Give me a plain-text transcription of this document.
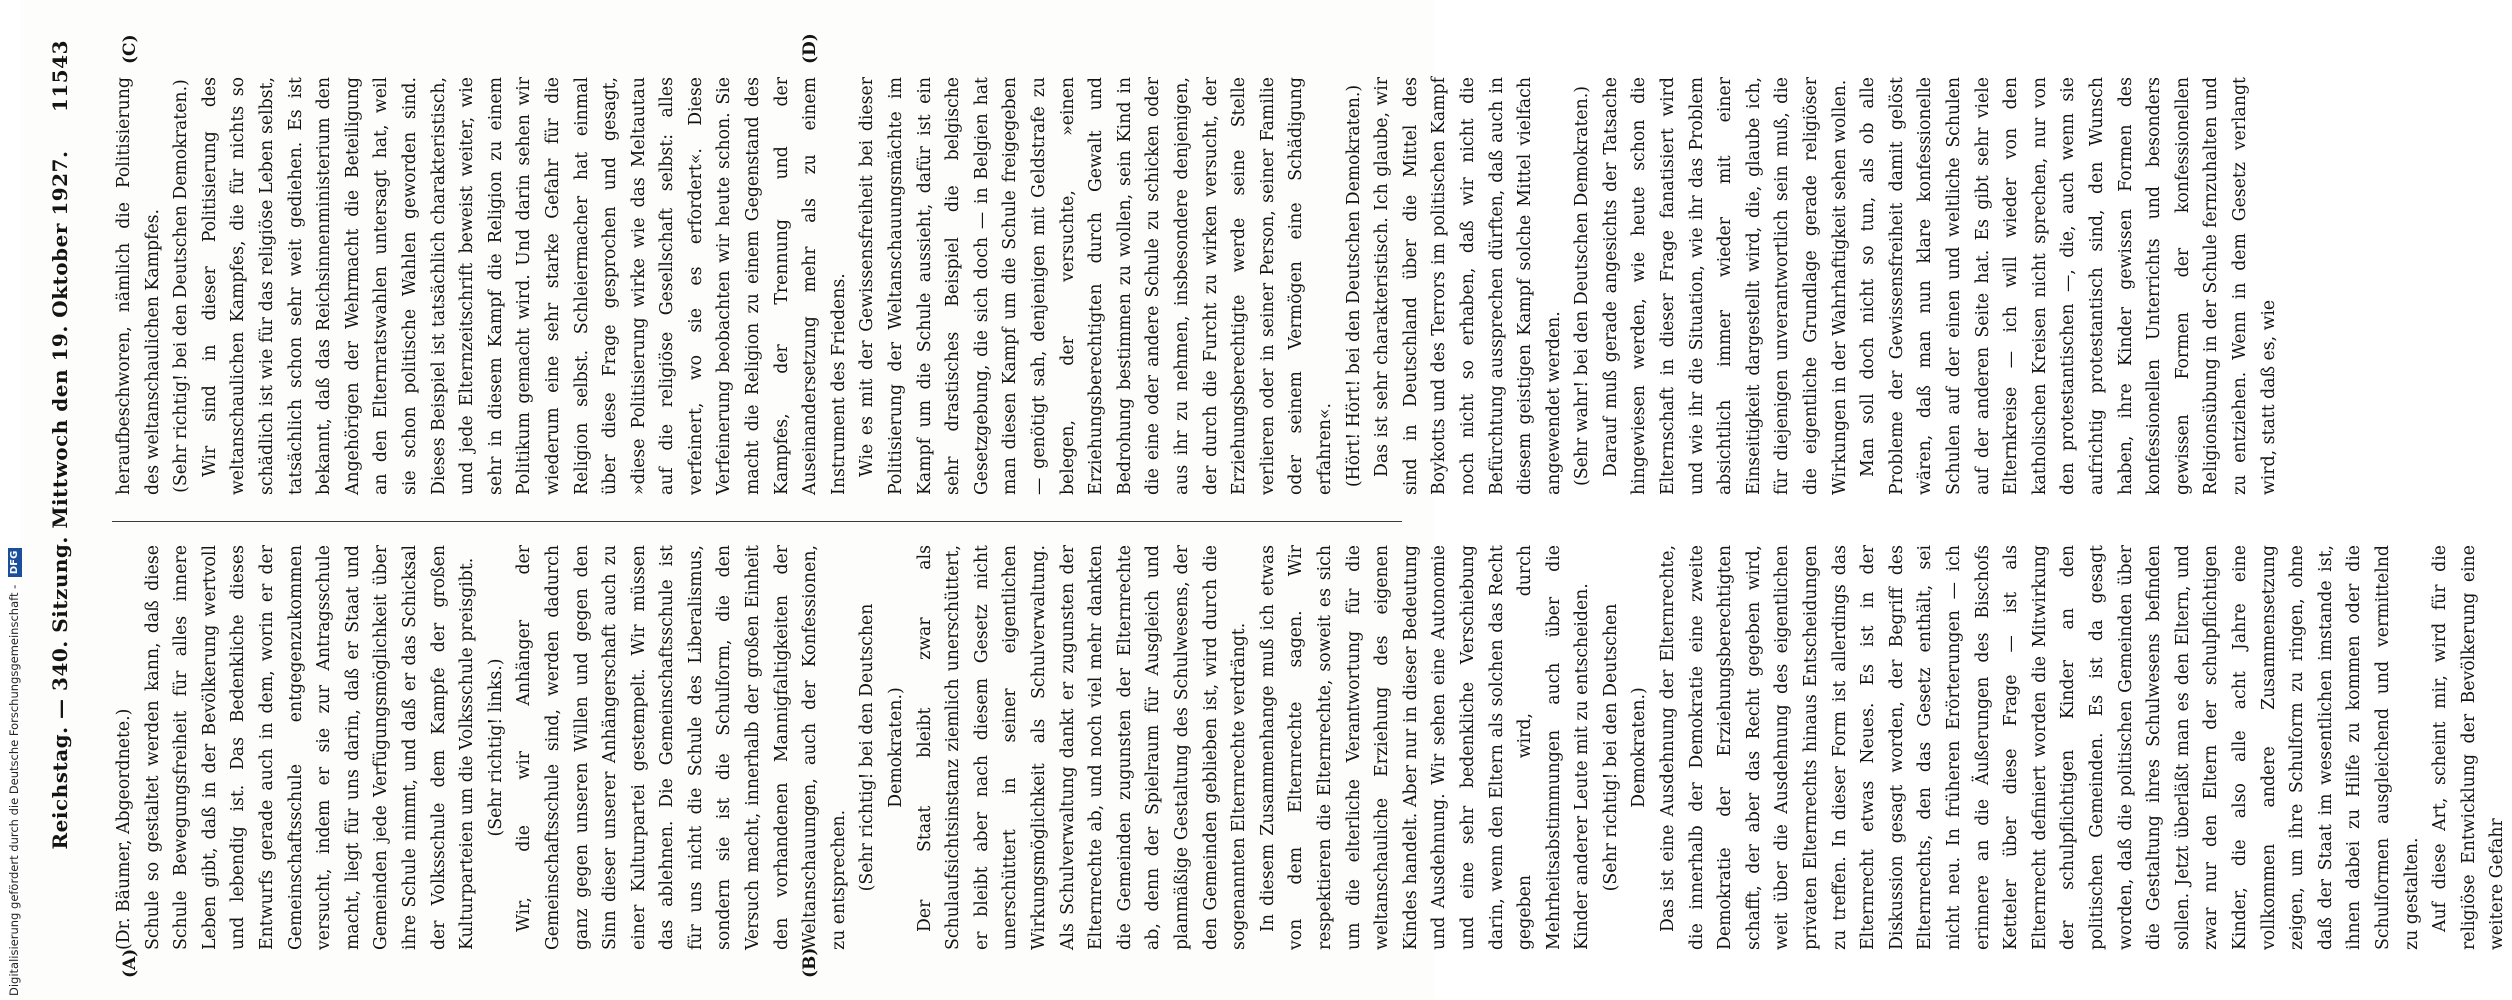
Reichstag. — 340. Sitzung. Mittwoch den 19. Oktober 1927.
11543
(A)	(B)
(C)	(D)

(Dr. Bäumer, Abgeordnete.) Schule so gestaltet werden kann, daß diese Schule Bewegungsfreiheit für alles innere Leben gibt, daß in der Bevölkerung wertvoll und lebendig ist. Das Bedenkliche dieses Entwurfs gerade auch in dem, worin er der Gemeinschaftsschule entgegenzukommen versucht, indem er sie zur Antragsschule macht, liegt für uns darin, daß er Staat und Gemeinden jede Verfügungsmöglichkeit über ihre Schule nimmt, und daß er das Schicksal der Volksschule dem Kampfe der großen Kulturparteien um die Volksschule preisgibt. (Sehr richtig! links.) Wir, die wir Anhänger der Gemeinschaftsschule sind, werden dadurch ganz gegen unseren Willen und gegen den Sinn dieser unserer Anhängerschaft auch zu einer Kulturpartei gestempelt. Wir müssen das ablehnen. Die Gemeinschaftsschule ist für uns nicht die Schule des Liberalismus, sondern sie ist die Schulform, die den Versuch macht, innerhalb der großen Einheit den vorhandenen Mannigfaltigkeiten der Weltanschauungen, auch der Konfessionen, zu entsprechen. (Sehr richtig! bei den Deutschen Demokraten.) Der Staat bleibt zwar als Schulaufsichtsinstanz ziemlich unerschüttert, er bleibt aber nach diesem Gesetz nicht unerschüttert in seiner eigentlichen Wirkungsmöglichkeit als Schulverwaltung. Als Schulverwaltung dankt er zugunsten der Elternrechte ab, und noch viel mehr dankten die Gemeinden zugunsten der Elternrechte ab, denn der Spielraum für Ausgleich und planmäßige Gestaltung des Schulwesens, der den Gemeinden geblieben ist, wird durch die sogenannten Elternrechte verdrängt. In diesem Zusammenhange muß ich etwas von dem Elternrechte sagen. Wir respektieren die Elternrechte, soweit es sich um die elterliche Verantwortung für die weltanschauliche Erziehung des eigenen Kindes handelt. Aber nur in dieser Bedeutung und Ausdehnung. Wir sehen eine Autonomie und eine sehr bedenkliche Verschiebung darin, wenn den Eltern als solchen das Recht gegeben wird, durch Mehrheitsabstimmungen auch über die Kinder anderer Leute mit zu entscheiden. (Sehr richtig! bei den Deutschen Demokraten.) Das ist eine Ausdehnung der Elternrechte, die innerhalb der Demokratie eine zweite Demokratie der Erziehungsberechtigten schafft, der aber das Recht gegeben wird, weit über die Ausdehnung des eigentlichen privaten Elternrechts hinaus Entscheidungen zu treffen. In dieser Form ist allerdings das Elternrecht etwas Neues. Es ist in der Diskussion gesagt worden, der Begriff des Elternrechts, den das Gesetz enthält, sei nicht neu. In früheren Erörterungen — ich erinnere an die Äußerungen des Bischofs Ketteler über diese Frage — ist als Elternrecht definiert worden die Mitwirkung der schulpflichtigen Kinder an den politischen Gemeinden. Es ist da gesagt worden, daß die politischen Gemeinden über die Gestaltung ihres Schulwesens befinden sollen. Jetzt überläßt man es den Eltern, und zwar nur den Eltern der schulpflichtigen Kinder, die also alle acht Jahre eine vollkommen andere Zusammensetzung zeigen, um ihre Schulform zu ringen, ohne daß der Staat im wesentlichen imstande ist, ihnen dabei zu Hilfe zu kommen oder die Schulformen ausgleichend und vermittelnd zu gestalten. Auf diese Art, scheint mir, wird für die religiöse Entwicklung der Bevölkerung eine weitere Gefahr

heraufbeschworen, nämlich die Politisierung des weltanschaulichen Kampfes. (Sehr richtig! bei den Deutschen Demokraten.) Wir sind in dieser Politisierung des weltanschaulichen Kampfes, die für nichts so schädlich ist wie für das religiöse Leben selbst, tatsächlich schon sehr weit gediehen. Es ist bekannt, daß das Reichsinnenministerium den Angehörigen der Wehrmacht die Beteiligung an den Elternratswahlen untersagt hat, weil sie schon politische Wahlen geworden sind. Dieses Beispiel ist tatsächlich charakteristisch, und jede Elternzeitschrift beweist weiter, wie sehr in diesem Kampf die Religion zu einem Politikum gemacht wird. Und darin sehen wir wiederum eine sehr starke Gefahr für die Religion selbst. Schleiermacher hat einmal über diese Frage gesprochen und gesagt, »diese Politisierung wirke wie das Meltautau auf die religiöse Gesellschaft selbst: alles verfeinert, wo sie es erfordert«. Diese Verfeinerung beobachten wir heute schon. Sie macht die Religion zu einem Gegenstand des Kampfes, der Trennung und der Auseinandersetzung mehr als zu einem Instrument des Friedens. Wie es mit der Gewissensfreiheit bei dieser Politisierung der Weltanschauungsmächte im Kampf um die Schule aussieht, dafür ist ein sehr drastisches Beispiel die belgische Gesetzgebung, die sich doch — in Belgien hat man diesen Kampf um die Schule freigegeben — genötigt sah, denjenigen mit Geldstrafe zu belegen, der versuchte, »einen Erziehungsberechtigten durch Gewalt und Bedrohung bestimmen zu wollen, sein Kind in die eine oder andere Schule zu schicken oder aus ihr zu nehmen, insbesondere denjenigen, der durch die Furcht zu wirken versucht, der Erziehungsberechtigte werde seine Stelle verlieren oder in seiner Person, seiner Familie oder seinem Vermögen eine Schädigung erfahren«. (Hört! Hört! bei den Deutschen Demokraten.) Das ist sehr charakteristisch. Ich glaube, wir sind in Deutschland über die Mittel des Boykotts und des Terrors im politischen Kampf noch nicht so erhaben, daß wir nicht die Befürchtung aussprechen dürften, daß auch in diesem geistigen Kampf solche Mittel vielfach angewendet werden. (Sehr wahr! bei den Deutschen Demokraten.) Darauf muß gerade angesichts der Tatsache hingewiesen werden, wie heute schon die Elternschaft in dieser Frage fanatisiert wird und wie ihr die Situation, wie ihr das Problem absichtlich immer wieder mit einer Einseitigkeit dargestellt wird, die, glaube ich, für diejenigen unverantwortlich sein muß, die die eigentliche Grundlage gerade religiöser Wirkungen in der Wahrhaftigkeit sehen wollen. Man soll doch nicht so tun, als ob alle Probleme der Gewissensfreiheit damit gelöst wären, daß man nun klare konfessionelle Schulen auf der einen und weltliche Schulen auf der anderen Seite hat. Es gibt sehr viele Elternkreise — ich will wieder von den katholischen Kreisen nicht sprechen, nur von den protestantischen —, die, auch wenn sie aufrichtig protestantisch sind, den Wunsch haben, ihre Kinder gewissen Formen des konfessionellen Unterrichts und besonders gewissen Formen der konfessionellen Religionsübung in der Schule fernzuhalten und zu entziehen. Wenn in dem Gesetz verlangt wird, statt daß es, wie

Digitalisierung gefördert durch die Deutsche Forschungsgemeinschaft - DFG
